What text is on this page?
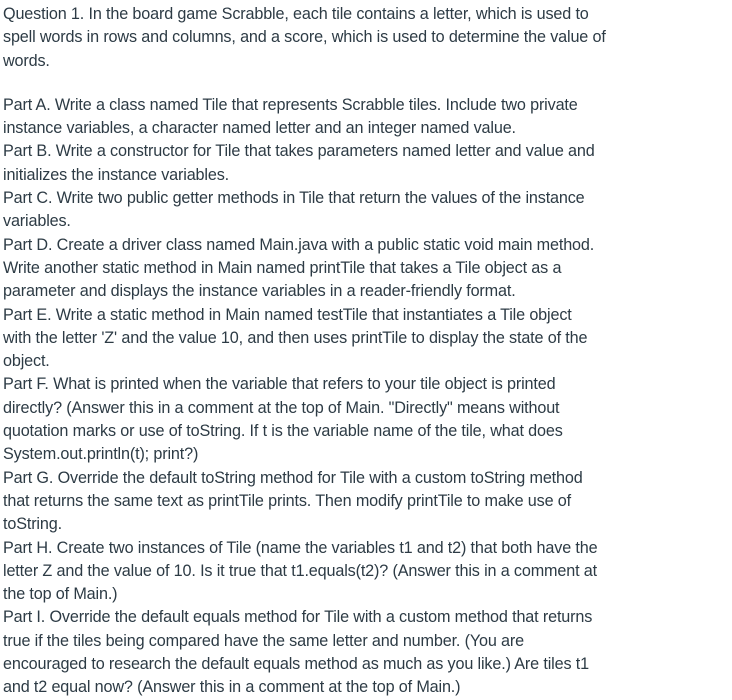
Question 1. In the board game Scrabble, each tile contains a letter, which is used to
spell words in rows and columns, and a score, which is used to determine the value of
words.

Part A. Write a class named Tile that represents Scrabble tiles. Include two private
instance variables, a character named letter and an integer named value.

Part B. Write a constructor for Tile that takes parameters named letter and value and
initializes the instance variables.

Part C. Write two public getter methods in Tile that return the values of the instance
variables.

Part D. Create a driver class named Main.java with a public static void main method.
Write another static method in Main named printTile that takes a Tile object as a
parameter and displays the instance variables in a reader-friendly format.

Part E. Write a static method in Main named testTile that instantiates a Tile object
with the letter 'Z' and the value 10, and then uses printTile to display the state of the
object.

Part F. What is printed when the variable that refers to your tile object is printed
directly? (Answer this in a comment at the top of Main. "Directly" means without
quotation marks or use of toString. If t is the variable name of the tile, what does
System.out.println(t); print?)

Part G. Override the default toString method for Tile with a custom toString method
that returns the same text as printTile prints. Then modify printTile to make use of
toString.

Part H. Create two instances of Tile (name the variables t1 and t2) that both have the
letter Z and the value of 10. Is it true that t1.equals(t2)? (Answer this in a comment at
the top of Main.)

Part I. Override the default equals method for Tile with a custom method that returns
true if the tiles being compared have the same letter and number. (You are
encouraged to research the default equals method as much as you like.) Are tiles t1
and t2 equal now? (Answer this in a comment at the top of Main.)
